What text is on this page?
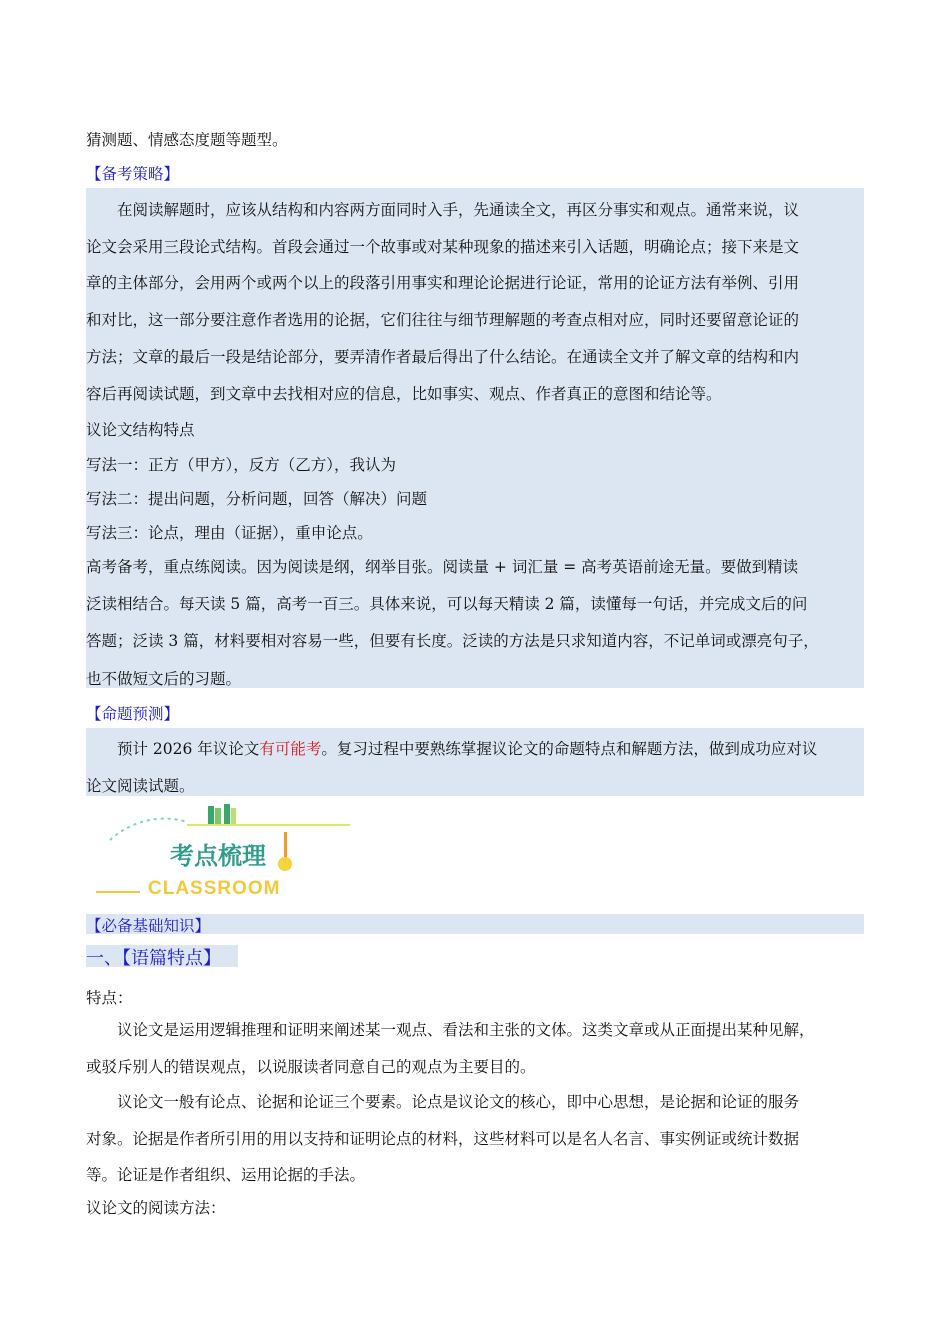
猜测题、情感态度题等题型。
【备考策略】
在阅读解题时，应该从结构和内容两方面同时入手，先通读全文，再区分事实和观点。通常来说，议
论文会采用三段论式结构。首段会通过一个故事或对某种现象的描述来引入话题，明确论点；接下来是文
章的主体部分，会用两个或两个以上的段落引用事实和理论论据进行论证，常用的论证方法有举例、引用
和对比，这一部分要注意作者选用的论据，它们往往与细节理解题的考查点相对应，同时还要留意论证的
方法；文章的最后一段是结论部分，要弄清作者最后得出了什么结论。在通读全文并了解文章的结构和内
容后再阅读试题，到文章中去找相对应的信息，比如事实、观点、作者真正的意图和结论等。
议论文结构特点
写法一：正方（甲方），反方（乙方），我认为
写法二：提出问题，分析问题，回答（解决）问题
写法三：论点，理由（证据），重申论点。
高考备考，重点练阅读。因为阅读是纲，纲举目张。阅读量 + 词汇量 = 高考英语前途无量。要做到精读
泛读相结合。每天读 5 篇，高考一百三。具体来说，可以每天精读 2 篇，读懂每一句话，并完成文后的问
答题；泛读 3 篇，材料要相对容易一些，但要有长度。泛读的方法是只求知道内容，不记单词或漂亮句子，
也不做短文后的习题。
【命题预测】
预计 2026 年议论文有可能考。复习过程中要熟练掌握议论文的命题特点和解题方法，做到成功应对议
论文阅读试题。
考点梳理
CLASSROOM
【必备基础知识】
一、【语篇特点】
特点：
议论文是运用逻辑推理和证明来阐述某一观点、看法和主张的文体。这类文章或从正面提出某种见解，
或驳斥别人的错误观点，以说服读者同意自己的观点为主要目的。
议论文一般有论点、论据和论证三个要素。论点是议论文的核心，即中心思想，是论据和论证的服务
对象。论据是作者所引用的用以支持和证明论点的材料，这些材料可以是名人名言、事实例证或统计数据
等。论证是作者组织、运用论据的手法。
议论文的阅读方法：
